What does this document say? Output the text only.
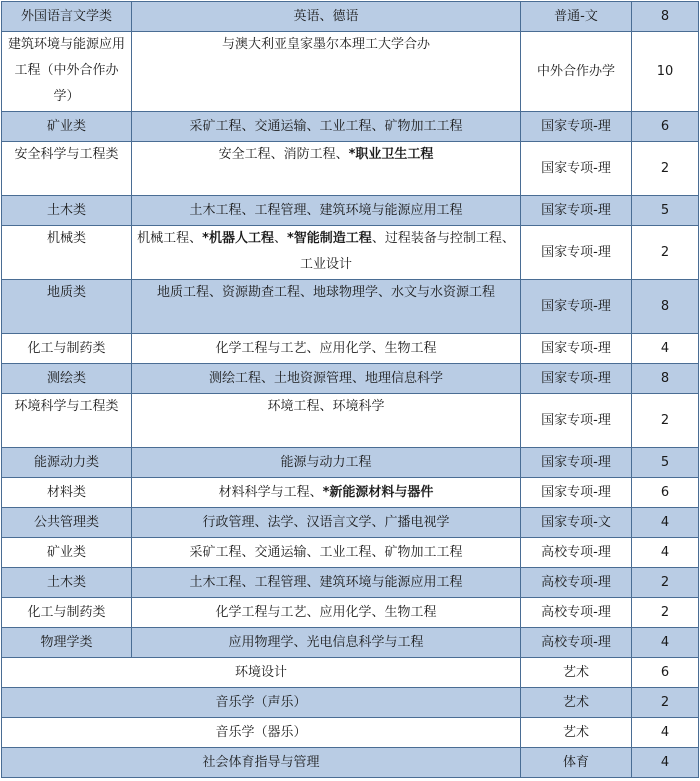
外国语言文学类	英语、德语	普通-文	8
建筑环境与能源应用工程（中外合作办学）	与澳大利亚皇家墨尔本理工大学合办	中外合作办学	10
矿业类	采矿工程、交通运输、工业工程、矿物加工工程	国家专项-理	6
安全科学与工程类	安全工程、消防工程、*职业卫生工程	国家专项-理	2
土木类	土木工程、工程管理、建筑环境与能源应用工程	国家专项-理	5
机械类	机械工程、*机器人工程、*智能制造工程、过程装备与控制工程、工业设计	国家专项-理	2
地质类	地质工程、资源勘查工程、地球物理学、水文与水资源工程	国家专项-理	8
化工与制药类	化学工程与工艺、应用化学、生物工程	国家专项-理	4
测绘类	测绘工程、土地资源管理、地理信息科学	国家专项-理	8
环境科学与工程类	环境工程、环境科学	国家专项-理	2
能源动力类	能源与动力工程	国家专项-理	5
材料类	材料科学与工程、*新能源材料与器件	国家专项-理	6
公共管理类	行政管理、法学、汉语言文学、广播电视学	国家专项-文	4
矿业类	采矿工程、交通运输、工业工程、矿物加工工程	高校专项-理	4
土木类	土木工程、工程管理、建筑环境与能源应用工程	高校专项-理	2
化工与制药类	化学工程与工艺、应用化学、生物工程	高校专项-理	2
物理学类	应用物理学、光电信息科学与工程	高校专项-理	4
环境设计		艺术	6
音乐学（声乐）		艺术	2
音乐学（器乐）		艺术	4
社会体育指导与管理		体育	4
